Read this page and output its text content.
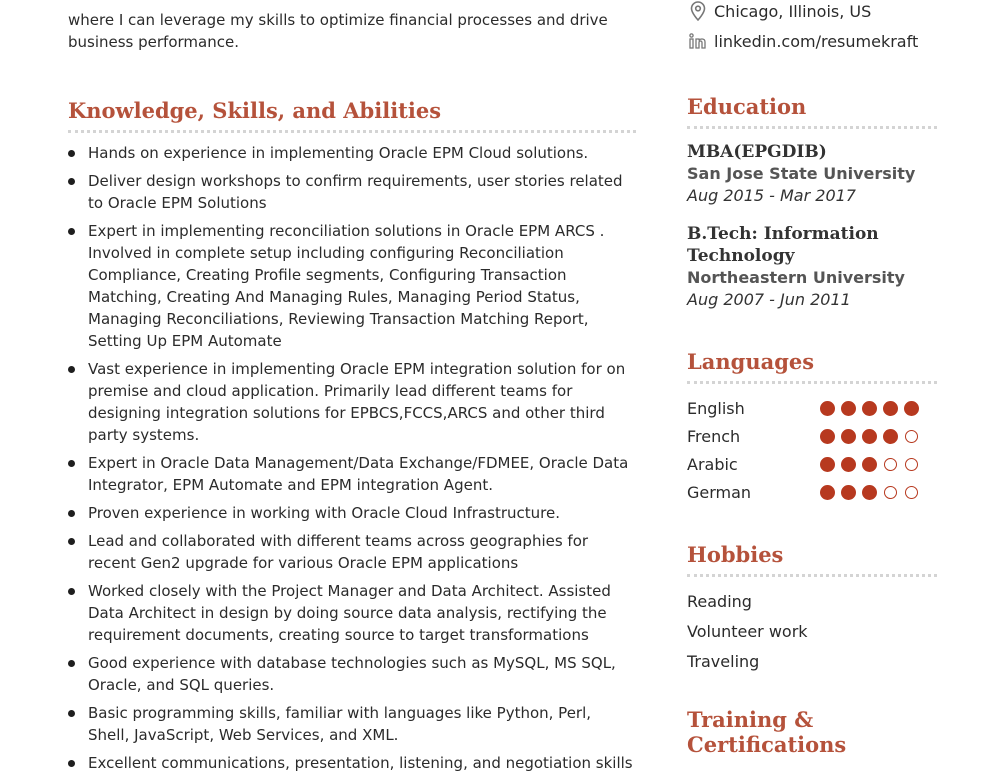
where I can leverage my skills to optimize financial processes and drive business performance.

Knowledge, Skills, and Abilities
Hands on experience in implementing Oracle EPM Cloud solutions.
Deliver design workshops to confirm requirements, user stories related to Oracle EPM Solutions
Expert in implementing reconciliation solutions in Oracle EPM ARCS . Involved in complete setup including configuring Reconciliation Compliance, Creating Profile segments, Configuring Transaction Matching, Creating And Managing Rules, Managing Period Status, Managing Reconciliations, Reviewing Transaction Matching Report, Setting Up EPM Automate
Vast experience in implementing Oracle EPM integration solution for on premise and cloud application. Primarily lead different teams for designing integration solutions for EPBCS,FCCS,ARCS and other third party systems.
Expert in Oracle Data Management/Data Exchange/FDMEE, Oracle Data Integrator, EPM Automate and EPM integration Agent.
Proven experience in working with Oracle Cloud Infrastructure.
Lead and collaborated with different teams across geographies for recent Gen2 upgrade for various Oracle EPM applications
Worked closely with the Project Manager and Data Architect. Assisted Data Architect in design by doing source data analysis, rectifying the requirement documents, creating source to target transformations
Good experience with database technologies such as MySQL, MS SQL, Oracle, and SQL queries.
Basic programming skills, familiar with languages like Python, Perl, Shell, JavaScript, Web Services, and XML.
Excellent communications, presentation, listening, and negotiation skills
Chicago, Illinois, US
linkedin.com/resumekraft
Education
MBA(EPGDIB)
San Jose State University
Aug 2015 - Mar 2017
B.Tech: Information Technology
Northeastern University
Aug 2007 - Jun 2011
Languages
English
French
Arabic
German
Hobbies
Reading
Volunteer work
Traveling
Training & Certifications
